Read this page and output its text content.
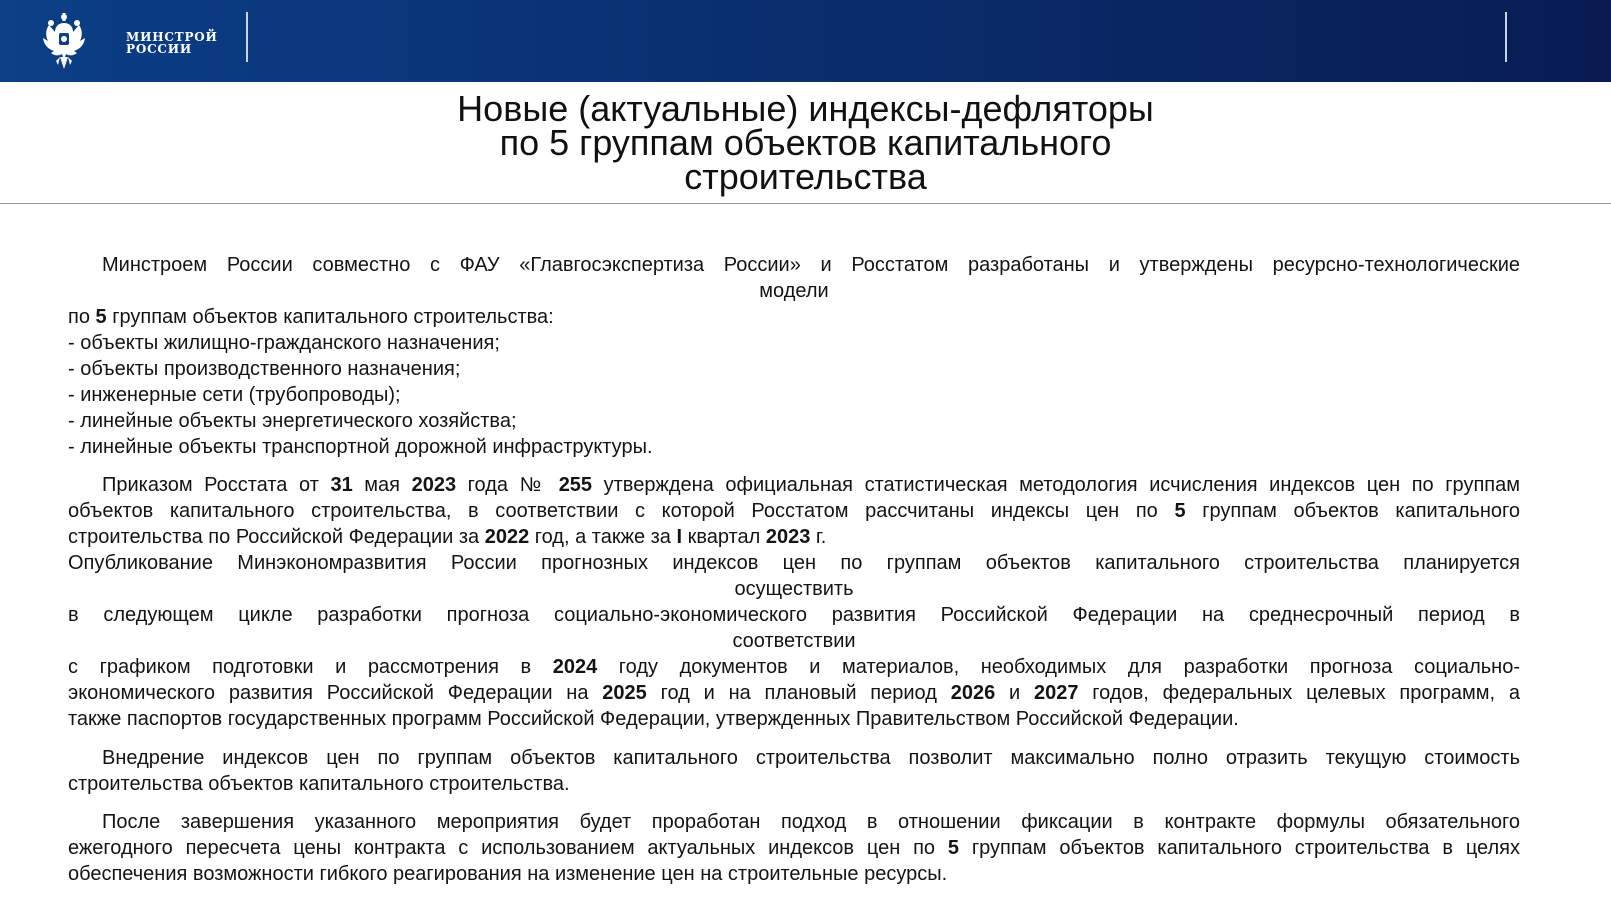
МИНСТРОЙ
РОССИИ
Новые (актуальные) индексы-дефляторы
по 5 группам объектов капитального
строительства

Минстроем России совместно с ФАУ «Главгосэкспертиза России» и Росстатом разработаны и утверждены ресурсно-технологические

модели

по 5 группам объектов капитального строительства:

- объекты жилищно-гражданского назначения;

- объекты производственного назначения;

- инженерные сети (трубопроводы);

- линейные объекты энергетического хозяйства;

- линейные объекты транспортной дорожной инфраструктуры.

Приказом Росстата от 31 мая 2023 года № 255 утверждена официальная статистическая методология исчисления индексов цен по группам

объектов капитального строительства, в соответствии с которой Росстатом рассчитаны индексы цен по 5 группам объектов капитального

строительства по Российской Федерации за 2022 год, а также за I квартал 2023 г.

Опубликование Минэкономразвития России прогнозных индексов цен по группам объектов капитального строительства планируется

осуществить

в следующем цикле разработки прогноза социально-экономического развития Российской Федерации на среднесрочный период в

соответствии

с графиком подготовки и рассмотрения в 2024 году документов и материалов, необходимых для разработки прогноза социально-

экономического развития Российской Федерации на 2025 год и на плановый период 2026 и 2027 годов, федеральных целевых программ, а

также паспортов государственных программ Российской Федерации, утвержденных Правительством Российской Федерации.

Внедрение индексов цен по группам объектов капитального строительства позволит максимально полно отразить текущую стоимость

строительства объектов капитального строительства.

После завершения указанного мероприятия будет проработан подход в отношении фиксации в контракте формулы обязательного

ежегодного пересчета цены контракта с использованием актуальных индексов цен по 5 группам объектов капитального строительства в целях

обеспечения возможности гибкого реагирования на изменение цен на строительные ресурсы.
